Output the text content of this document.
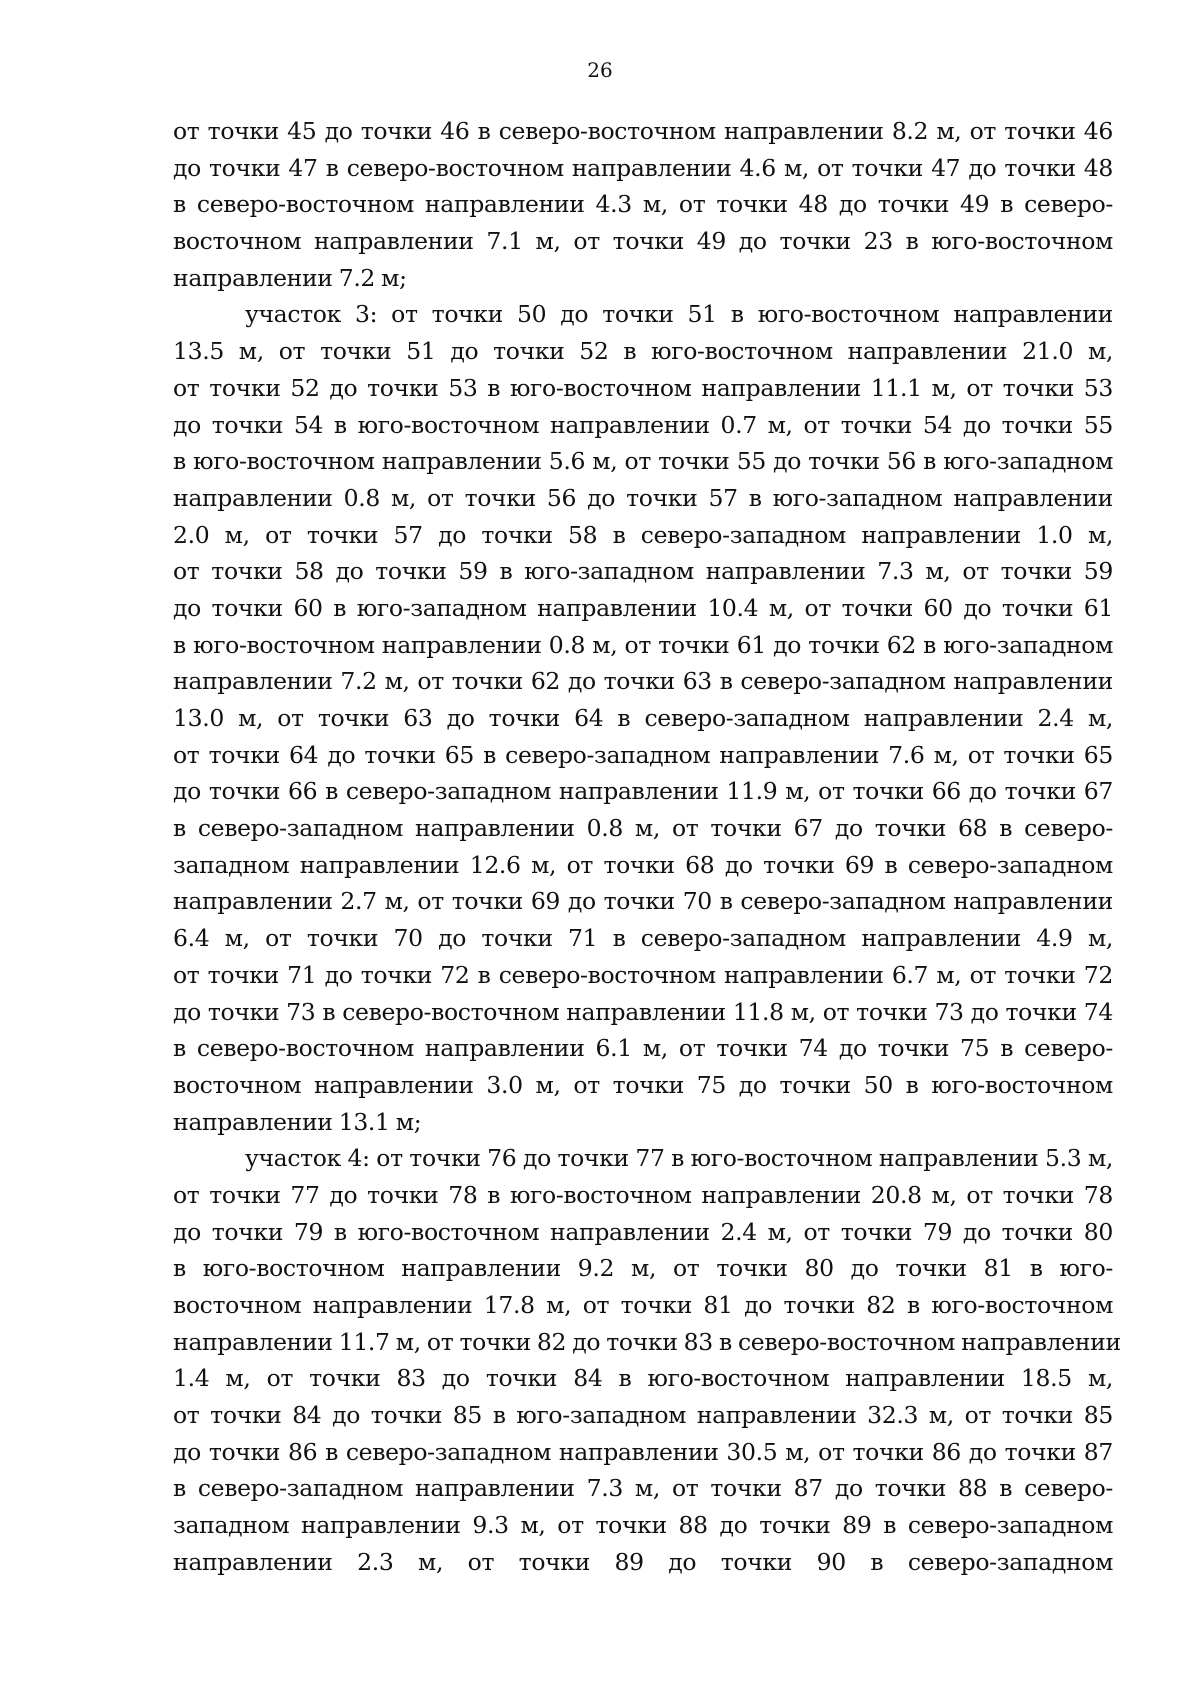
26
от точки 45 до точки 46 в северо-восточном направлении 8.2 м, от точки 46
до точки 47 в северо-восточном направлении 4.6 м, от точки 47 до точки 48
в северо-восточном направлении 4.3 м, от точки 48 до точки 49 в северо-
восточном направлении 7.1 м, от точки 49 до точки 23 в юго-восточном
направлении 7.2 м;
участок 3: от точки 50 до точки 51 в юго-восточном направлении
13.5 м, от точки 51 до точки 52 в юго-восточном направлении 21.0 м,
от точки 52 до точки 53 в юго-восточном направлении 11.1 м, от точки 53
до точки 54 в юго-восточном направлении 0.7 м, от точки 54 до точки 55
в юго-восточном направлении 5.6 м, от точки 55 до точки 56 в юго-западном
направлении 0.8 м, от точки 56 до точки 57 в юго-западном направлении
2.0 м, от точки 57 до точки 58 в северо-западном направлении 1.0 м,
от точки 58 до точки 59 в юго-западном направлении 7.3 м, от точки 59
до точки 60 в юго-западном направлении 10.4 м, от точки 60 до точки 61
в юго-восточном направлении 0.8 м, от точки 61 до точки 62 в юго-западном
направлении 7.2 м, от точки 62 до точки 63 в северо-западном направлении
13.0 м, от точки 63 до точки 64 в северо-западном направлении 2.4 м,
от точки 64 до точки 65 в северо-западном направлении 7.6 м, от точки 65
до точки 66 в северо-западном направлении 11.9 м, от точки 66 до точки 67
в северо-западном направлении 0.8 м, от точки 67 до точки 68 в северо-
западном направлении 12.6 м, от точки 68 до точки 69 в северо-западном
направлении 2.7 м, от точки 69 до точки 70 в северо-западном направлении
6.4 м, от точки 70 до точки 71 в северо-западном направлении 4.9 м,
от точки 71 до точки 72 в северо-восточном направлении 6.7 м, от точки 72
до точки 73 в северо-восточном направлении 11.8 м, от точки 73 до точки 74
в северо-восточном направлении 6.1 м, от точки 74 до точки 75 в северо-
восточном направлении 3.0 м, от точки 75 до точки 50 в юго-восточном
направлении 13.1 м;
участок 4: от точки 76 до точки 77 в юго-восточном направлении 5.3 м,
от точки 77 до точки 78 в юго-восточном направлении 20.8 м, от точки 78
до точки 79 в юго-восточном направлении 2.4 м, от точки 79 до точки 80
в юго-восточном направлении 9.2 м, от точки 80 до точки 81 в юго-
восточном направлении 17.8 м, от точки 81 до точки 82 в юго-восточном
направлении 11.7 м, от точки 82 до точки 83 в северо-восточном направлении
1.4 м, от точки 83 до точки 84 в юго-восточном направлении 18.5 м,
от точки 84 до точки 85 в юго-западном направлении 32.3 м, от точки 85
до точки 86 в северо-западном направлении 30.5 м, от точки 86 до точки 87
в северо-западном направлении 7.3 м, от точки 87 до точки 88 в северо-
западном направлении 9.3 м, от точки 88 до точки 89 в северо-западном
направлении 2.3 м, от точки 89 до точки 90 в северо-западном
